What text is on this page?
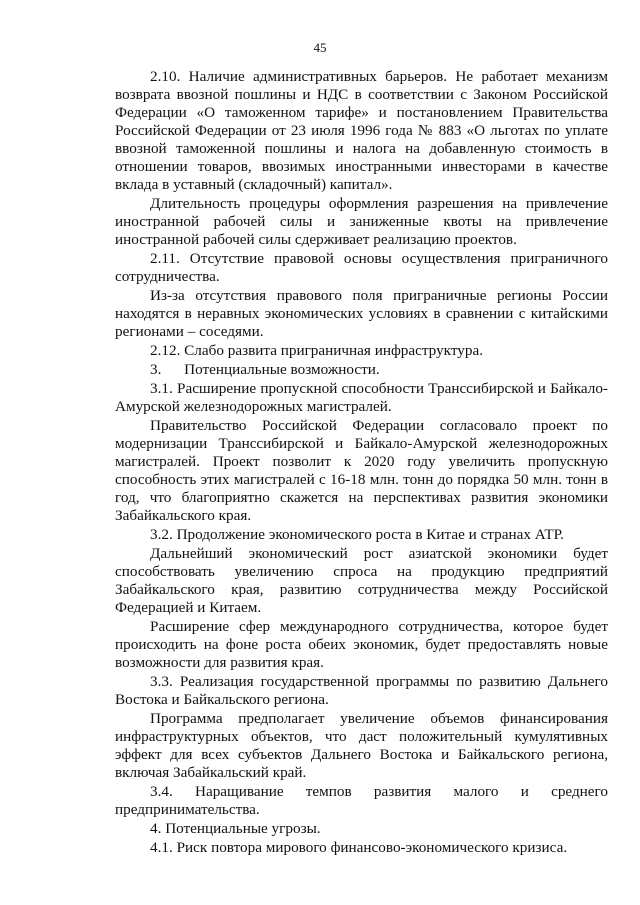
45

2.10. Наличие административных барьеров. Не работает механизм возврата ввозной пошлины и НДС в соответствии с Законом Российской Федерации «О таможенном тарифе» и постановлением Правительства Российской Федерации от 23 июля 1996 года № 883 «О льготах по уплате ввозной таможенной пошлины и налога на добавленную стоимость в отношении товаров, ввозимых иностранными инвесторами в качестве вклада в уставный (складочный) капитал».

Длительность процедуры оформления разрешения на привлечение иностранной рабочей силы и заниженные квоты на привлечение иностранной рабочей силы сдерживает реализацию проектов.

2.11. Отсутствие правовой основы осуществления приграничного сотрудничества.

Из-за отсутствия правового поля приграничные регионы России находятся в неравных экономических условиях в сравнении с китайскими регионами – соседями.

2.12. Слабо развита приграничная инфраструктура.

3.      Потенциальные возможности.

3.1. Расширение пропускной способности Транссибирской и Байкало-Амурской железнодорожных магистралей.

Правительство Российской Федерации согласовало проект по модернизации Транссибирской и Байкало-Амурской железнодорожных магистралей. Проект позволит к 2020 году увеличить пропускную способность этих магистралей с 16-18 млн. тонн до порядка 50 млн. тонн в год, что благоприятно скажется на перспективах развития экономики Забайкальского края.

3.2. Продолжение экономического роста в Китае и странах АТР.

Дальнейший экономический рост азиатской экономики будет способствовать увеличению спроса на продукцию предприятий Забайкальского края, развитию сотрудничества между Российской Федерацией и Китаем.

Расширение сфер международного сотрудничества, которое будет происходить на фоне роста обеих экономик, будет предоставлять новые возможности для развития края.

3.3. Реализация государственной программы по развитию Дальнего Востока и Байкальского региона.

Программа предполагает увеличение объемов финансирования инфраструктурных объектов, что даст положительный кумулятивных эффект для всех субъектов Дальнего Востока и Байкальского региона, включая Забайкальский край.

3.4. Наращивание темпов развития малого и среднего предпринимательства.

4. Потенциальные угрозы.

4.1. Риск повтора мирового финансово-экономического кризиса.
